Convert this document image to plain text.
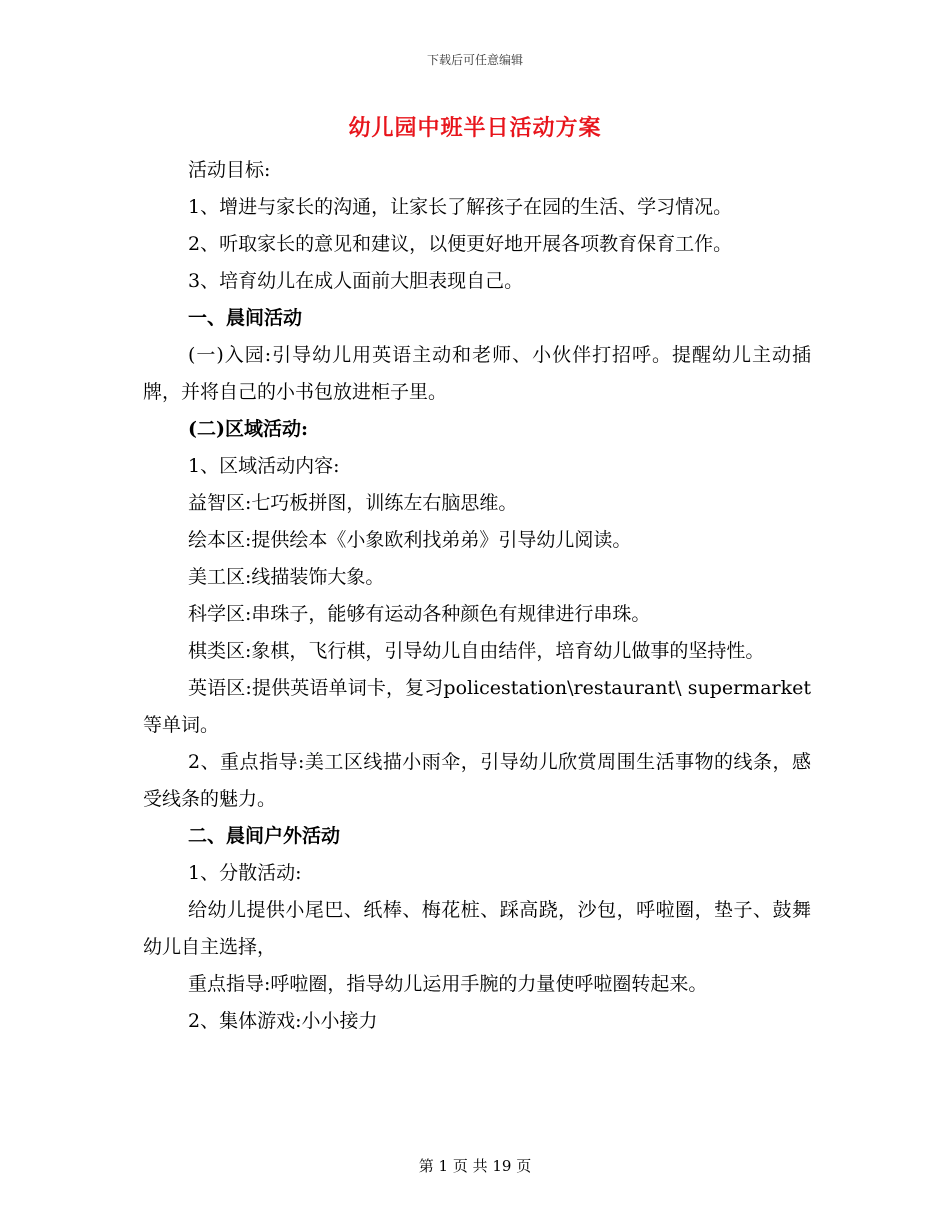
下载后可任意编辑
幼儿园中班半日活动方案

活动目标:

1、增进与家长的沟通，让家长了解孩子在园的生活、学习情况。

2、听取家长的意见和建议，以便更好地开展各项教育保育工作。

3、培育幼儿在成人面前大胆表现自己。

一、晨间活动

(一)入园:引导幼儿用英语主动和老师、小伙伴打招呼。提醒幼儿主动插牌，并将自己的小书包放进柜子里。

(二)区域活动:

1、区域活动内容:

益智区:七巧板拼图，训练左右脑思维。

绘本区:提供绘本《小象欧利找弟弟》引导幼儿阅读。

美工区:线描装饰大象。

科学区:串珠子，能够有运动各种颜色有规律进行串珠。

棋类区:象棋，飞行棋，引导幼儿自由结伴，培育幼儿做事的坚持性。

英语区:提供英语单词卡，复习policestation\restaurant\ supermarket等单词。

2、重点指导:美工区线描小雨伞，引导幼儿欣赏周围生活事物的线条，感受线条的魅力。

二、晨间户外活动

1、分散活动:

给幼儿提供小尾巴、纸棒、梅花桩、踩高跷，沙包，呼啦圈，垫子、鼓舞幼儿自主选择，

重点指导:呼啦圈，指导幼儿运用手腕的力量使呼啦圈转起来。

2、集体游戏:小小接力

第 1 页 共 19 页
